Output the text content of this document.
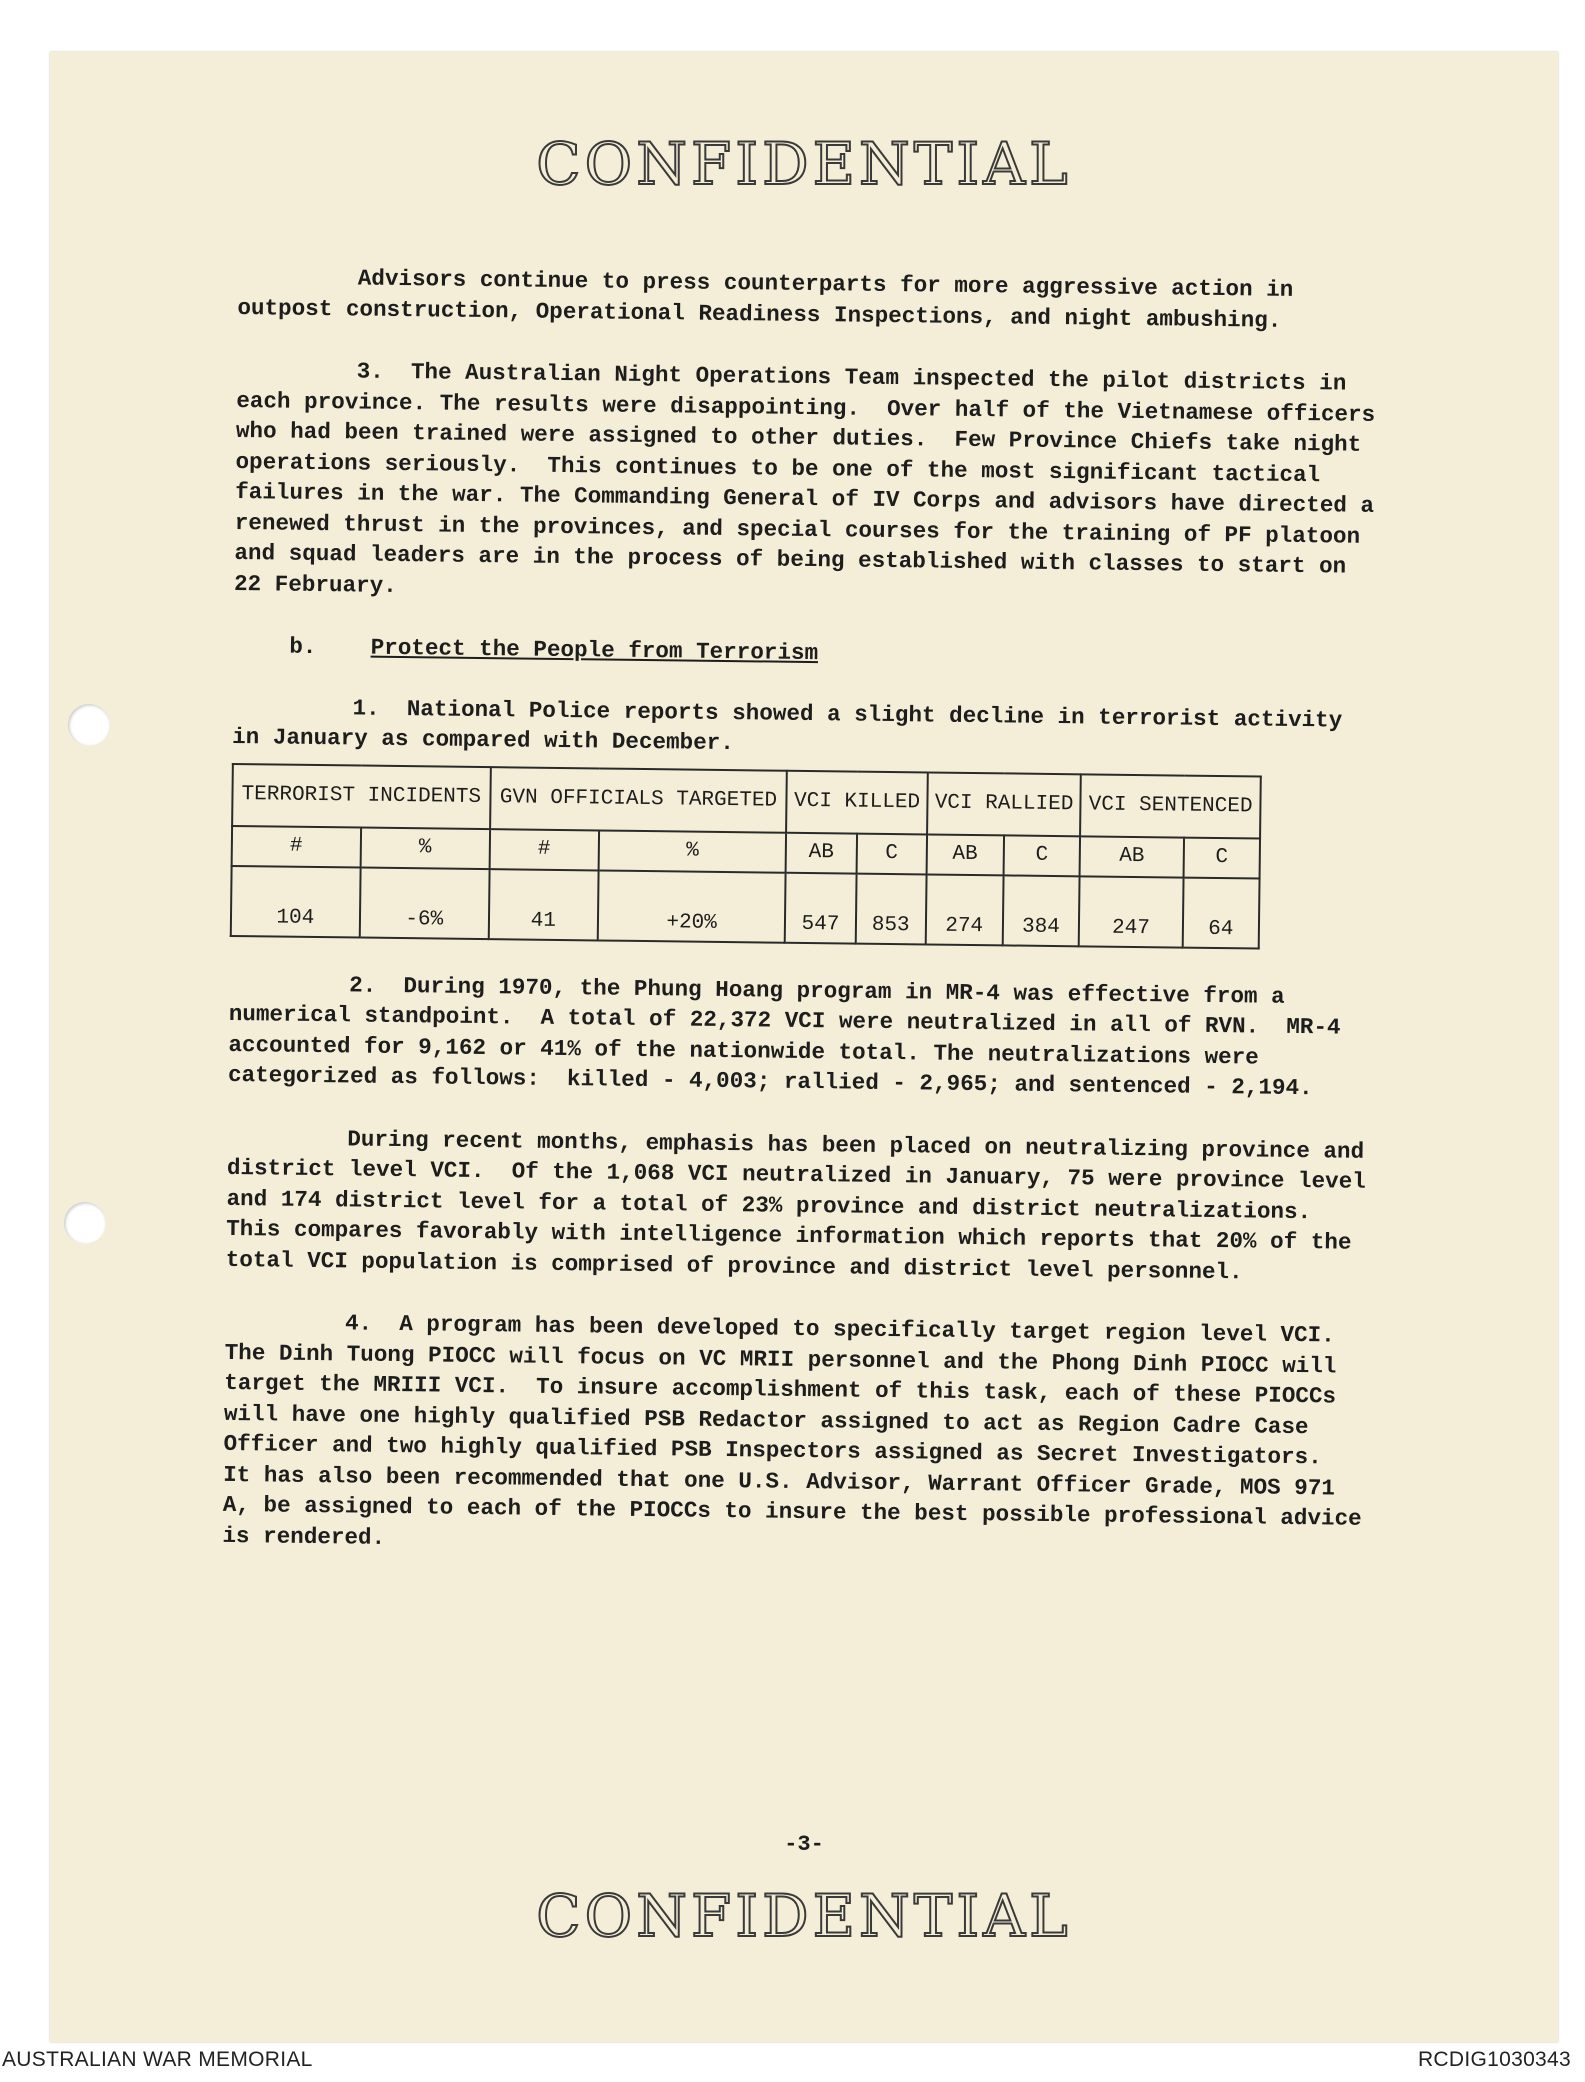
CONFIDENTIAL

Advisors continue to press counterparts for more aggressive action in outpost construction, Operational Readiness Inspections, and night ambushing.

3.  The Australian Night Operations Team inspected the pilot districts in each province. The results were disappointing.  Over half of the Vietnamese officers who had been trained were assigned to other duties.  Few Province Chiefs take night operations seriously.  This continues to be one of the most significant tactical failures in the war. The Commanding General of IV Corps and advisors have directed a renewed thrust in the provinces, and special courses for the training of PF platoon and squad leaders are in the process of being established with classes to start on 22 February.

b. Protect the People from Terrorism

1.  National Police reports showed a slight decline in terrorist activity in January as compared with December.

TERRORIST INCIDENTS		GVN OFFICIALS TARGETED		VCI KILLED		VCI RALLIED		VCI SENTENCED	
#	%	#	%	AB	C	AB	C	AB	C
104	-6%	41	+20%	547	853	274	384	247	64

2.  During 1970, the Phung Hoang program in MR-4 was effective from a numerical standpoint.  A total of 22,372 VCI were neutralized in all of RVN.  MR-4 accounted for 9,162 or 41% of the nationwide total. The neutralizations were categorized as follows:  killed - 4,003; rallied - 2,965; and sentenced - 2,194.

During recent months, emphasis has been placed on neutralizing province and district level VCI.  Of the 1,068 VCI neutralized in January, 75 were province level and 174 district level for a total of 23% province and district neutralizations.  This compares favorably with intelligence information which reports that 20% of the total VCI population is comprised of province and district level personnel.

4.  A program has been developed to specifically target region level VCI.  The Dinh Tuong PIOCC will focus on VC MRII personnel and the Phong Dinh PIOCC will target the MRIII VCI.  To insure accomplishment of this task, each of these PIOCCs will have one highly qualified PSB Redactor assigned to act as Region Cadre Case Officer and two highly qualified PSB Inspectors assigned as Secret Investigators.  It has also been recommended that one U.S. Advisor, Warrant Officer Grade, MOS 971 A, be assigned to each of the PIOCCs to insure the best possible professional advice is rendered.

-3-
CONFIDENTIAL
AUSTRALIAN WAR MEMORIAL	RCDIG1030343
